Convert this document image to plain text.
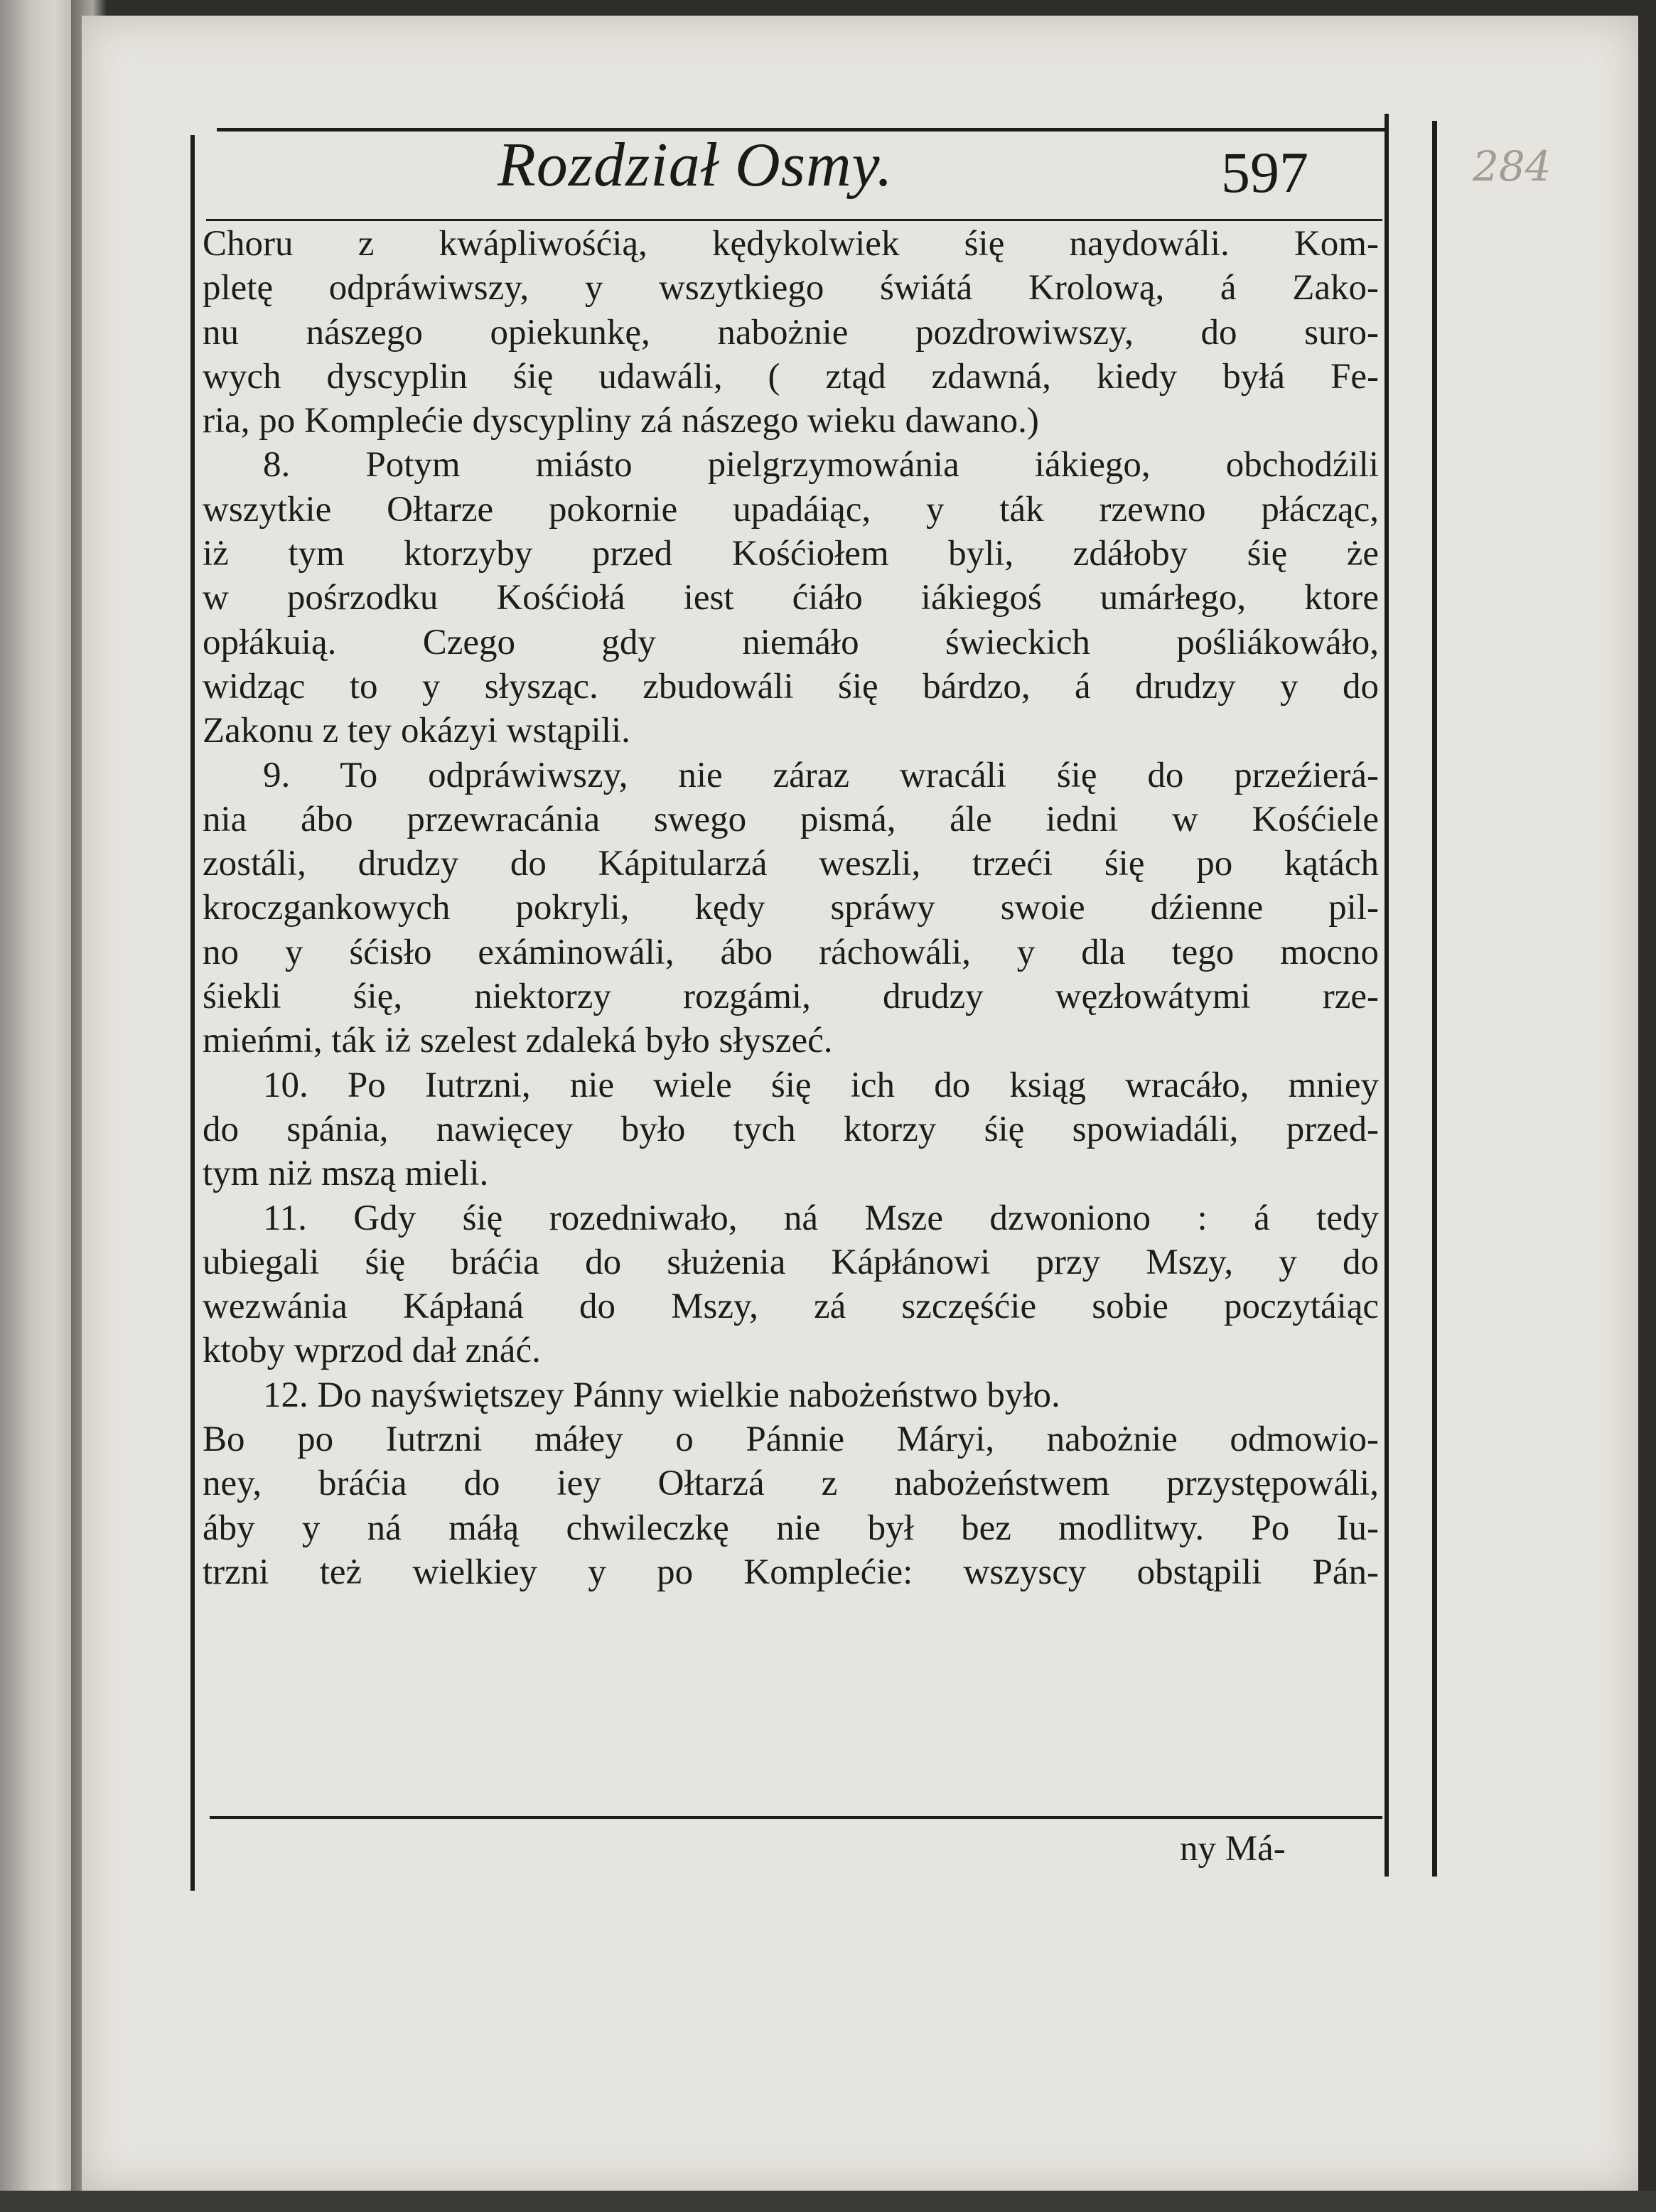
Rozdział Osmy.	597	284
Choru z kwápliwośćią, kędykolwiek śię naydowáli. Kom-
pletę odpráwiwszy, y wszytkiego świátá Krolową, á Zako-
nu nászego opiekunkę, nabożnie pozdrowiwszy, do suro-
wych dyscyplin śię udawáli, ( ztąd zdawná, kiedy byłá Fe-
ria, po Komplećie dyscypliny zá nászego wieku dawano.)
8. Potym miásto pielgrzymowánia iákiego, obchodźili
wszytkie Ołtarze pokornie upadáiąc, y ták rzewno płácząc,
iż tym ktorzyby przed Kośćiołem byli, zdáłoby śię że
w pośrzodku Kośćiołá iest ćiáło iákiegoś umárłego, ktore
opłákuią. Czego gdy niemáło świeckich pośliákowáło,
widząc to y słysząc. zbudowáli śię bárdzo, á drudzy y do
Zakonu z tey okázyi wstąpili.
9. To odpráwiwszy, nie záraz wracáli śię do przeźierá-
nia ábo przewracánia swego pismá, ále iedni w Kośćiele
zostáli, drudzy do Kápitularzá weszli, trzeći śię po kątách
kroczgankowych pokryli, kędy spráwy swoie dźienne pil-
no y śćisło exáminowáli, ábo ráchowáli, y dla tego mocno
śiekli śię, niektorzy rozgámi, drudzy węzłowátymi rze-
mieńmi, ták iż szelest zdaleká było słyszeć.
10. Po Iutrzni, nie wiele śię ich do ksiąg wracáło, mniey
do spánia, nawięcey było tych ktorzy śię spowiadáli, przed-
tym niż mszą mieli.
11. Gdy śię rozedniwało, ná Msze dzwoniono : á tedy
ubiegali śię bráćia do służenia Kápłánowi przy Mszy, y do
wezwánia Kápłaná do Mszy, zá szczęśćie sobie poczytáiąc
ktoby wprzod dał znáć.
12. Do nayświętszey Pánny wielkie nabożeństwo było.
Bo po Iutrzni máłey o Pánnie Máryi, nabożnie odmowio-
ney, bráćia do iey Ołtarzá z nabożeństwem przystępowáli,
áby y ná máłą chwileczkę nie był bez modlitwy. Po Iu-
trzni też wielkiey y po Komplećie: wszyscy obstąpili Pán-
ny Má-
